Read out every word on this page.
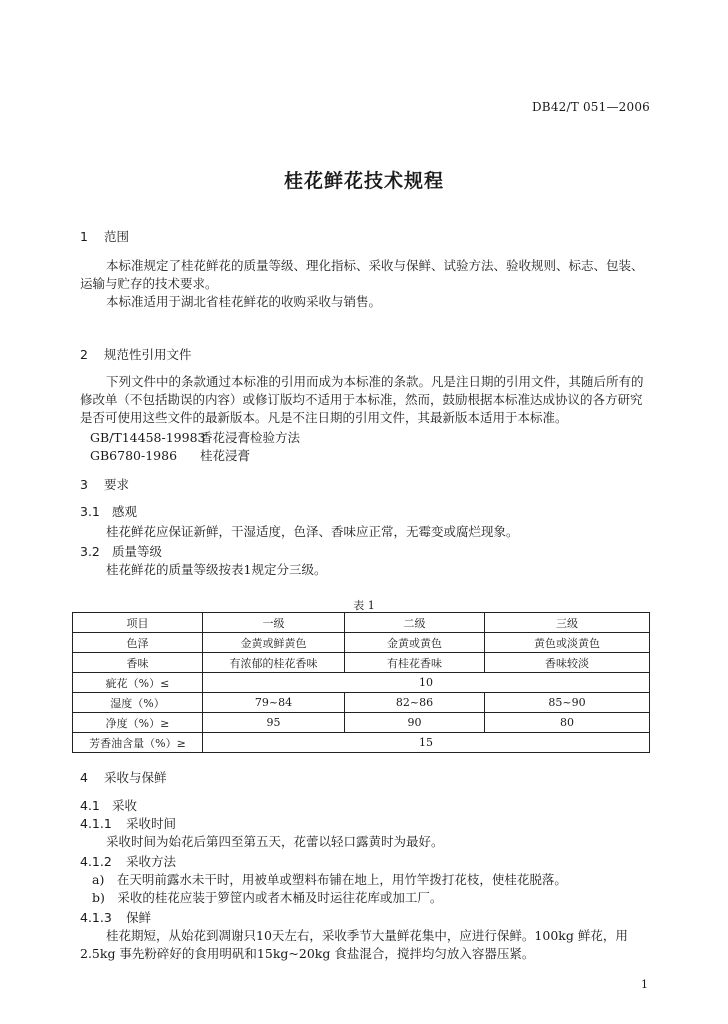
DB42/T 051—2006
桂花鲜花技术规程
1 范围
本标准规定了桂花鲜花的质量等级、理化指标、采收与保鲜、试验方法、验收规则、标志、包装、
运输与贮存的技术要求。
本标准适用于湖北省桂花鲜花的收购采收与销售。
2 规范性引用文件
下列文件中的条款通过本标准的引用而成为本标准的条款。凡是注日期的引用文件，其随后所有的
修改单（不包括勘误的内容）或修订版均不适用于本标准，然而，鼓励根据本标准达成协议的各方研究
是否可使用这些文件的最新版本。凡是不注日期的引用文件，其最新版本适用于本标准。
GB/T14458-19983香花浸膏检验方法
GB6780-1986 桂花浸膏
3 要求
3.1 感观
桂花鲜花应保证新鲜，干湿适度，色泽、香味应正常，无霉变或腐烂现象。
3.2 质量等级
桂花鲜花的质量等级按表1规定分三级。
表 1
项目	一级	二级	三级
色泽	金黄或鲜黄色	金黄或黄色	黄色或淡黄色
香味	有浓郁的桂花香味	有桂花香味	香味较淡
疵花（%）≤	10		
湿度（%）	79~84	82~86	85~90
净度（%）≥	95	90	80
芳香油含量（%）≥	15		
4 采收与保鲜
4.1 采收
4.1.1 采收时间
采收时间为始花后第四至第五天，花蕾以轻口露黄时为最好。
4.1.2 采收方法
a)　在天明前露水未干时，用被单或塑料布铺在地上，用竹竿拨打花枝，使桂花脱落。
b)　采收的桂花应装于箩筐内或者木桶及时运往花库或加工厂。
4.1.3 保鲜
桂花期短，从始花到凋谢只10天左右，采收季节大量鲜花集中，应进行保鲜。100kg 鲜花，用
2.5kg 事先粉碎好的食用明矾和15kg~20kg 食盐混合，搅拌均匀放入容器压紧。
1
